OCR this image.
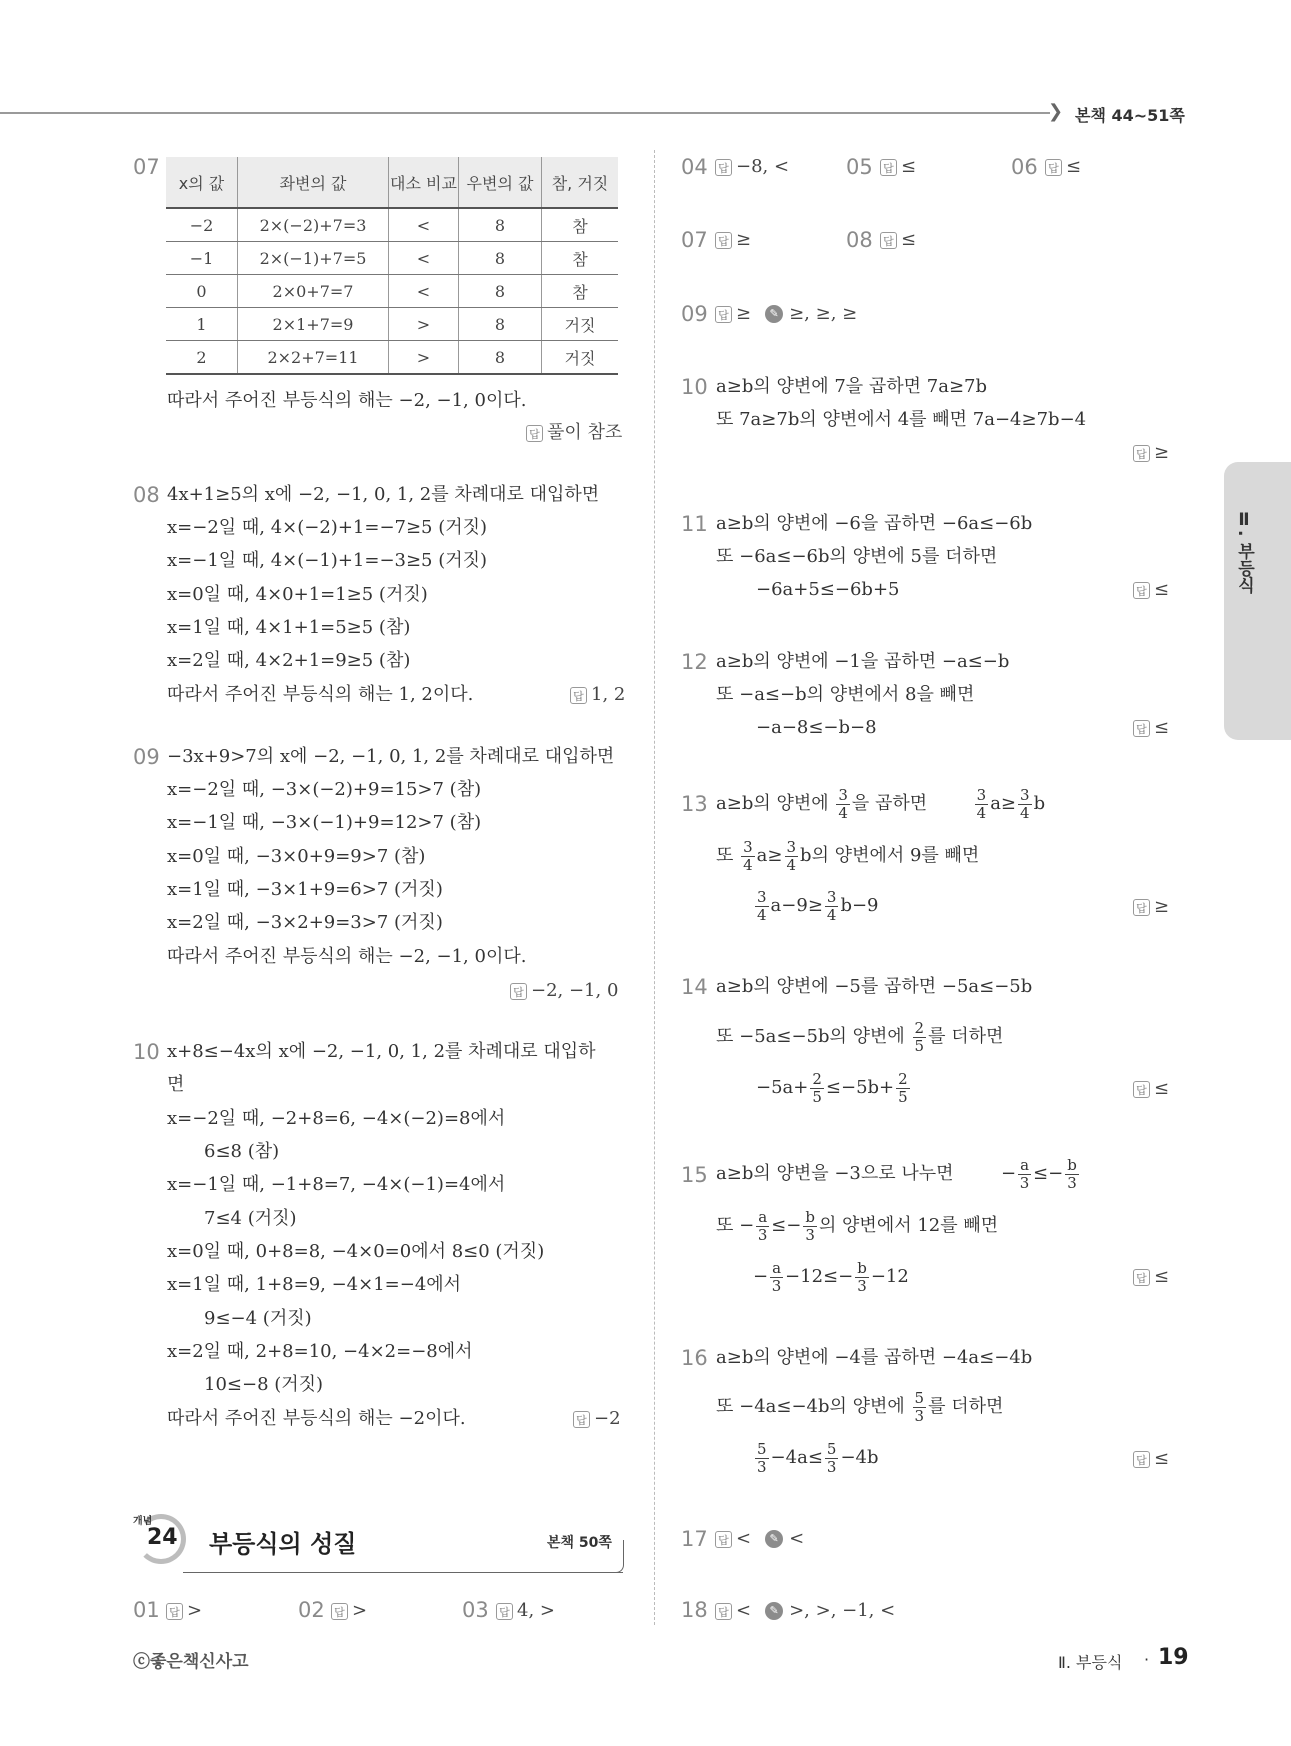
❯ 본책 44~51쪽
Ⅱ. 부등식
07
x의 값	좌변의 값	대소 비교	우변의 값	참, 거짓
−2	2×(−2)+7=3	<	8	참
−1	2×(−1)+7=5	<	8	참
0	2×0+7=7	<	8	참
1	2×1+7=9	>	8	거짓
2	2×2+7=11	>	8	거짓
따라서 주어진 부등식의 해는 −2, −1, 0이다.
답 풀이 참조
08 4x+1≥5의 x에 −2, −1, 0, 1, 2를 차례대로 대입하면
x=−2일 때, 4×(−2)+1=−7≥5 (거짓)
x=−1일 때, 4×(−1)+1=−3≥5 (거짓)
x=0일 때, 4×0+1=1≥5 (거짓)
x=1일 때, 4×1+1=5≥5 (참)
x=2일 때, 4×2+1=9≥5 (참)
따라서 주어진 부등식의 해는 1, 2이다.	답 1, 2
09 −3x+9>7의 x에 −2, −1, 0, 1, 2를 차례대로 대입하면
x=−2일 때, −3×(−2)+9=15>7 (참)
x=−1일 때, −3×(−1)+9=12>7 (참)
x=0일 때, −3×0+9=9>7 (참)
x=1일 때, −3×1+9=6>7 (거짓)
x=2일 때, −3×2+9=3>7 (거짓)
따라서 주어진 부등식의 해는 −2, −1, 0이다.
답 −2, −1, 0
10 x+8≤−4x의 x에 −2, −1, 0, 1, 2를 차례대로 대입하
면
x=−2일 때, −2+8=6, −4×(−2)=8에서
6≤8 (참)
x=−1일 때, −1+8=7, −4×(−1)=4에서
7≤4 (거짓)
x=0일 때, 0+8=8, −4×0=0에서 8≤0 (거짓)
x=1일 때, 1+8=9, −4×1=−4에서
9≤−4 (거짓)
x=2일 때, 2+8=10, −4×2=−8에서
10≤−8 (거짓)
따라서 주어진 부등식의 해는 −2이다.	답 −2
개념
24 부등식의 성질	본책 50쪽
01 답 >	02 답 >	03 답 4, >
04 답 −8, <	05 답 ≤	06 답 ≤
07 답 ≥	08 답 ≤
09 답 ≥ ✎ ≥, ≥, ≥
10 a≥b의 양변에 7을 곱하면 7a≥7b
또 7a≥7b의 양변에서 4를 빼면 7a−4≥7b−4
답 ≥
11 a≥b의 양변에 −6을 곱하면 −6a≤−6b
또 −6a≤−6b의 양변에 5를 더하면
−6a+5≤−6b+5	답 ≤
12 a≥b의 양변에 −1을 곱하면 −a≤−b
또 −a≤−b의 양변에서 8을 빼면
−a−8≤−b−8	답 ≤
13 a≥b의 양변에 $\frac{3}{4}$ 을 곱하면	$\frac{3}{4} a\ge \frac{3}{4}$ b
또 $\frac{3}{4} a\ge \frac{3}{4}$ b의 양변에서 9를 빼면
$\frac{3}{4} a-9\ge \frac{3}{4} b-9$	답 ≥
14 a≥b의 양변에 −5를 곱하면 −5a≤−5b
또 −5a≤−5b의 양변에 $\frac{2}{5}$ 를 더하면
$-5a+ \frac{2}{5} \le-5b+ \frac{2}{5}$	답 ≤
15 a≥b의 양변을 −3으로 나누면	− $\frac{a}{3} \le- \frac{b}{3}$
또 − $\frac{a}{3} \le- \frac{b}{3}$ 의 양변에서 12를 빼면
− $\frac{a}{3} -12\le- \frac{b}{3} -12$	답 ≤
16 a≥b의 양변에 −4를 곱하면 −4a≤−4b
또 −4a≤−4b의 양변에 $\frac{5}{3}$ 를 더하면
$\frac{5}{3} -4a\le \frac{5}{3} -4b$	답 ≤
17 답 < ✎ <
18 답 < ✎ >, >, −1, <
ⓒ좋은책신사고	Ⅱ. 부등식 · 19
